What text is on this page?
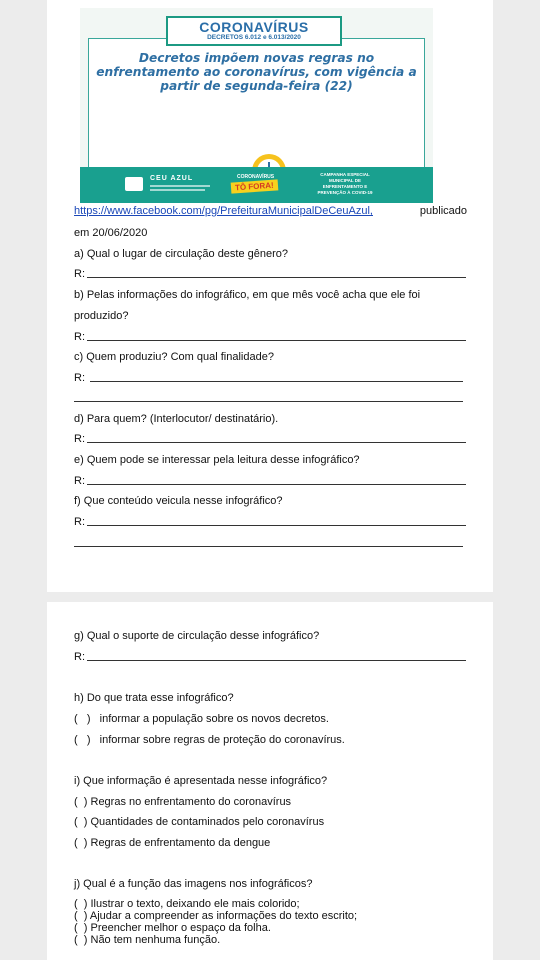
Decretos impõem novas regras no enfrentamento ao coronavírus, com vigência a partir de segunda-feira (22)
CORONAVÍRUS
DECRETOS 6.012 e 6.013/2020
CEU AZUL	CORONAVÍRUS
TÔ FORA!
CAMPANHA ESPECIAL MUNICIPAL DE ENFRENTAMENTO E PREVENÇÃO À COVID-19
https://www.facebook.com/pg/PrefeituraMunicipalDeCeuAzul,	publicado
em 20/06/2020
a) Qual o lugar de circulação deste gênero?
R:
b) Pelas informações do infográfico, em que mês você acha que ele foi
produzido?
R:
c) Quem produziu? Com qual finalidade?
R:
d) Para quem? (Interlocutor/ destinatário).
R:
e) Quem pode se interessar pela leitura desse infográfico?
R:
f) Que conteúdo veicula nesse infográfico?
R:
g) Qual o suporte de circulação desse infográfico?
R:
h) Do que trata esse infográfico?
(   )   informar a população sobre os novos decretos.
(   )   informar sobre regras de proteção do coronavírus.
i) Que informação é apresentada nesse infográfico?
(  ) Regras no enfrentamento do coronavírus
(  ) Quantidades de contaminados pelo coronavírus
(  ) Regras de enfrentamento da dengue
j) Qual é a função das imagens nos infográficos?
(  ) Ilustrar o texto, deixando ele mais colorido;
(  ) Ajudar a compreender as informações do texto escrito;
(  ) Preencher melhor o espaço da folha.
(  ) Não tem nenhuma função.
